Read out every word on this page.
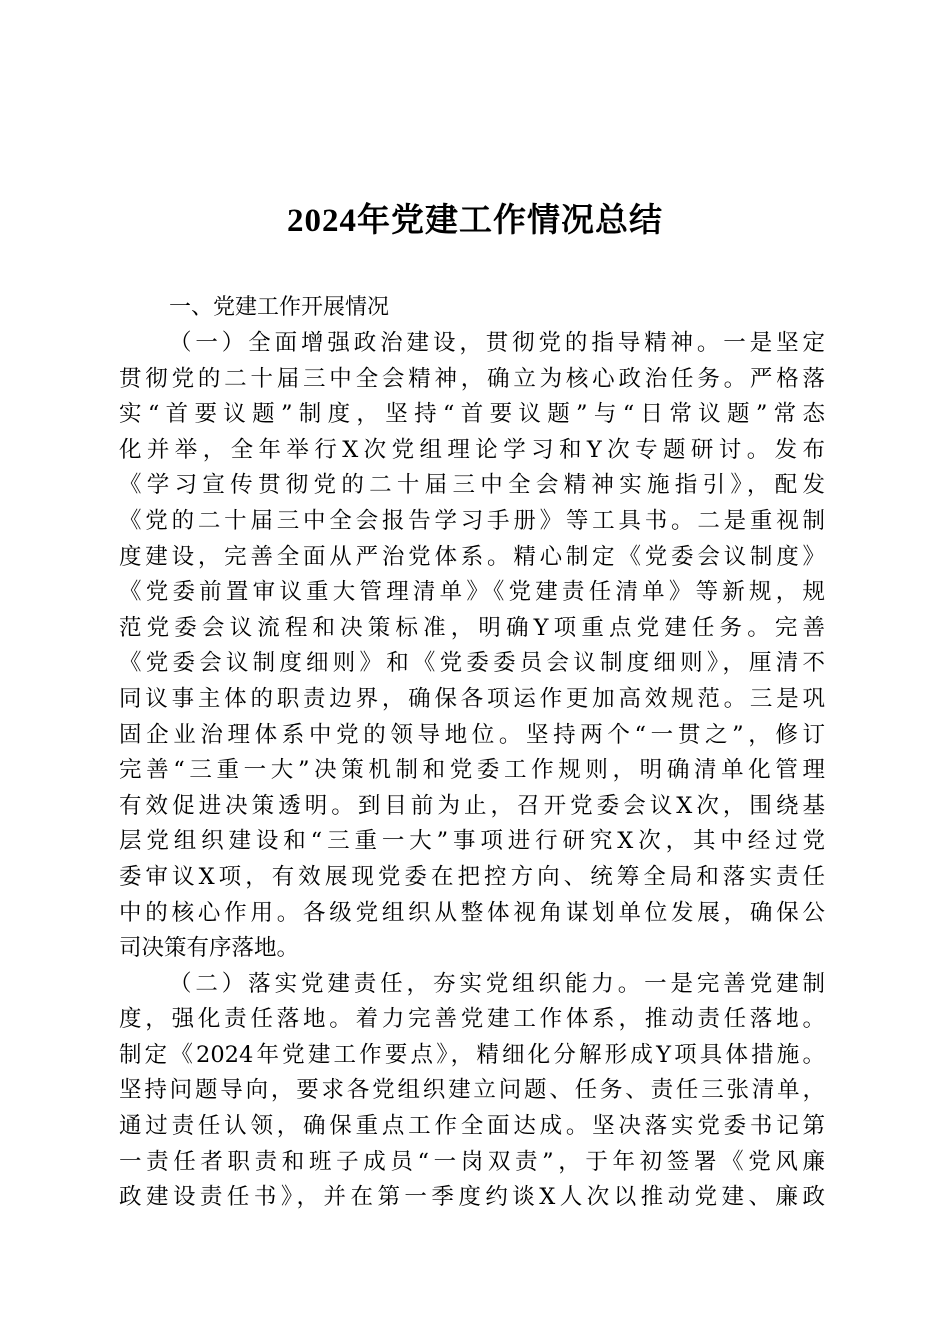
2024年党建工作情况总结
一、党建工作开展情况
（一）全面增强政治建设，贯彻党的指导精神。一是坚定
贯彻党的二十届三中全会精神，确立为核心政治任务。严格落
实“首要议题”制度，坚持“首要议题”与“日常议题”常态
化并举，全年举行X次党组理论学习和Y次专题研讨。发布
《学习宣传贯彻党的二十届三中全会精神实施指引》，配发
《党的二十届三中全会报告学习手册》等工具书。二是重视制
度建设，完善全面从严治党体系。精心制定《党委会议制度》
《党委前置审议重大管理清单》《党建责任清单》等新规，规
范党委会议流程和决策标准，明确Y项重点党建任务。完善
《党委会议制度细则》和《党委委员会议制度细则》，厘清不
同议事主体的职责边界，确保各项运作更加高效规范。三是巩
固企业治理体系中党的领导地位。坚持两个“一贯之”，修订
完善“三重一大”决策机制和党委工作规则，明确清单化管理
有效促进决策透明。到目前为止，召开党委会议X次，围绕基
层党组织建设和“三重一大”事项进行研究X次，其中经过党
委审议X项，有效展现党委在把控方向、统筹全局和落实责任
中的核心作用。各级党组织从整体视角谋划单位发展，确保公
司决策有序落地。
（二）落实党建责任，夯实党组织能力。一是完善党建制
度，强化责任落地。着力完善党建工作体系，推动责任落地。
制定《2024年党建工作要点》，精细化分解形成Y项具体措施。
坚持问题导向，要求各党组织建立问题、任务、责任三张清单，
通过责任认领，确保重点工作全面达成。坚决落实党委书记第
一责任者职责和班子成员“一岗双责”，于年初签署《党风廉
政建设责任书》，并在第一季度约谈X人次以推动党建、廉政
